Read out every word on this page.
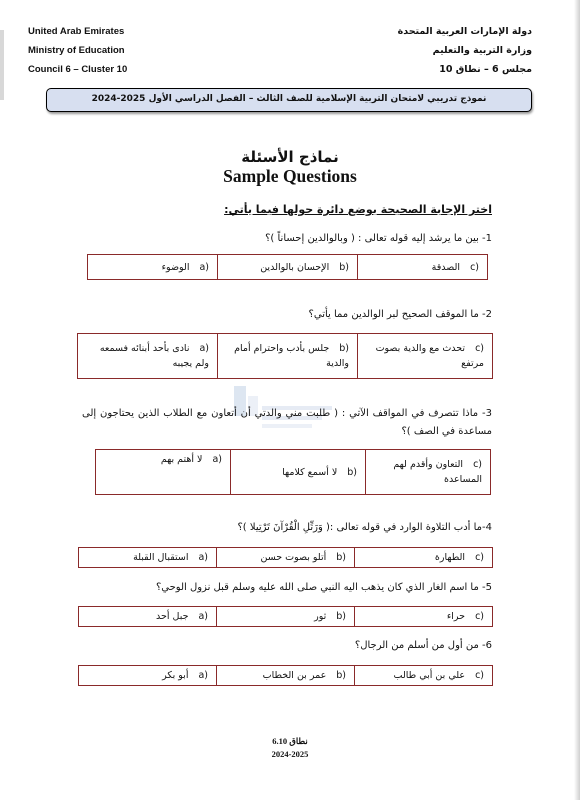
United Arab Emirates
Ministry of Education
Council 6 – Cluster 10
دولة الإمارات العربية المتحدة
وزارة التربية والتعليم
مجلس 6 – نطاق 10
نموذج تدريبي لامتحان التربية الإسلامية للصف الثالث – الفصل الدراسي الأول 2025-2024
نماذج الأسئلة
Sample Questions
اختر الإجابة الصحيحة بوضع دائرة حولها فيما يأتي:
1- بين ما يرشد إليه قوله تعالى : ( وبالوالدين إحساناً )؟
c)الصدقة	b)الإحسان بالوالدين	a)الوضوء
2- ما الموقف الصحيح لبر الوالدين مما يأتي؟
c)تحدث مع والدية بصوت مرتفع	b)جلس بأدب واحترام أمام والدية	a)نادى بأحد أبنائه فسمعه ولم يجيبه
3- ماذا تتصرف في المواقف الآتي : ( طلبت مني والدتي أن أتعاون مع الطلاب الذين يحتاجون إلى مساعدة في الصف )؟
c)التعاون وأقدم لهم المساعدة	b)لا أسمع كلامها	a)لا أهتم بهم
4-ما أدب التلاوة الوارد في قوله تعالى :( وَرَتِّلِ الْقُرْآنَ تَرْتِيلا )؟
c)الطهارة	b)أتلو بصوت حسن	a)استقبال القبلة
5- ما اسم الغار الذي كان يذهب اليه النبي صلى الله عليه وسلم قبل نزول الوحي؟
c)حراء	b)ثور	a)جبل أحد
6- من أول من أسلم من الرجال؟
c)علي بن أبي طالب	b)عمر بن الخطاب	a)أبو بكر
نطاق 6.10
2024-2025
